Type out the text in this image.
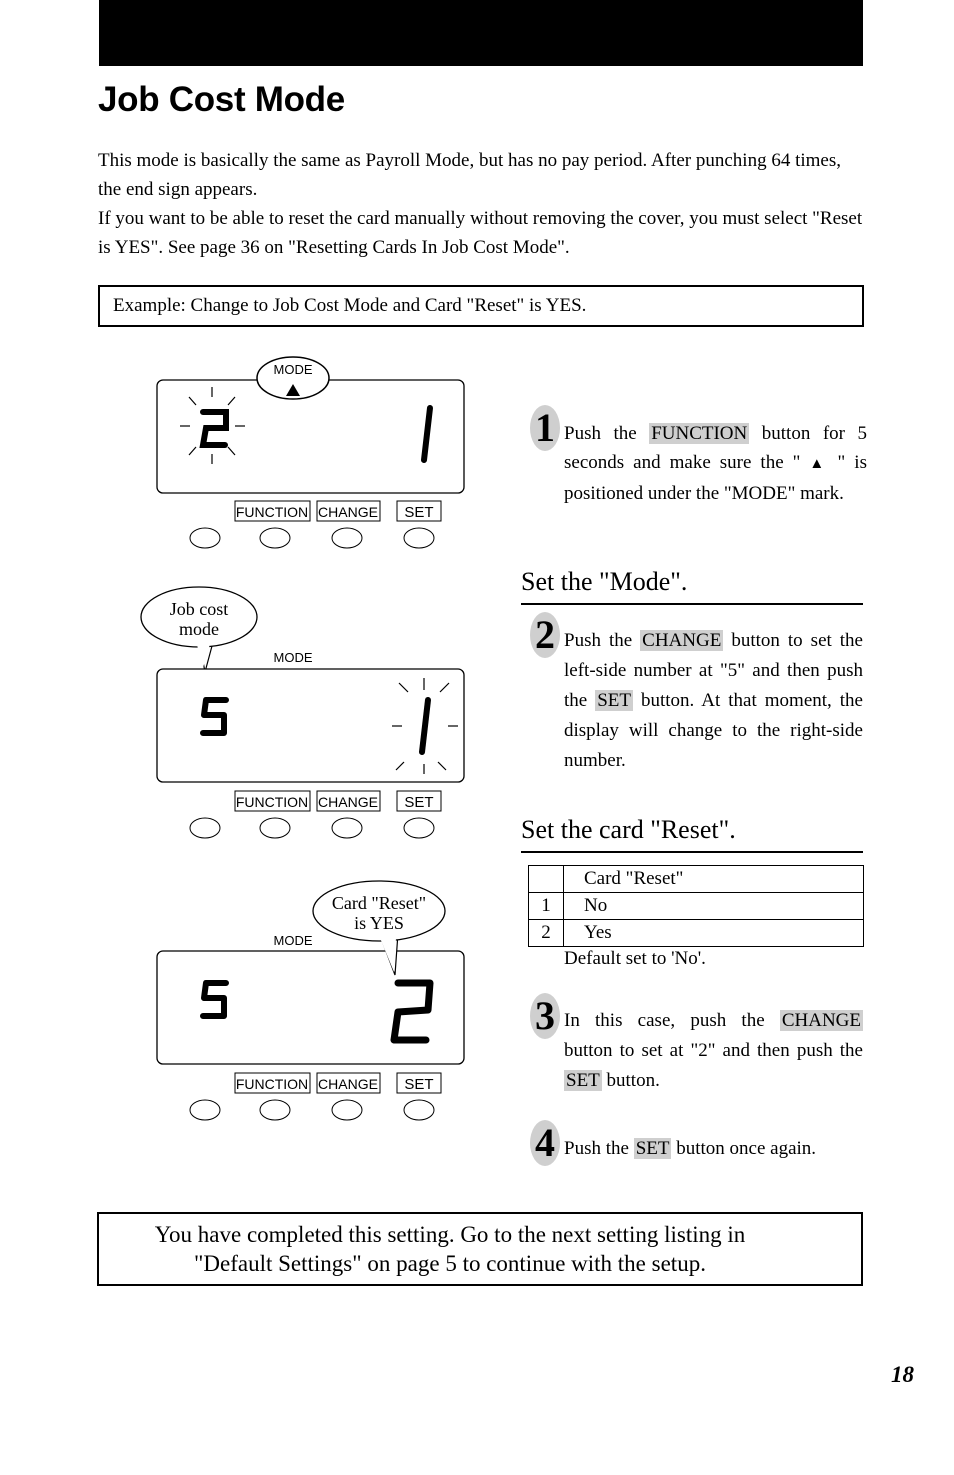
Job Cost Mode

This mode is basically the same as Payroll Mode, but has no pay period. After punching 64 times, the end sign appears.

If you want to be able to reset the card manually without removing the cover, you must select "Reset is YES". See page 36 on "Resetting Cards In Job Cost Mode".

Example: Change to Job Cost Mode and Card "Reset" is YES.
MODE
FUNCTION CHANGE SET
Job cost
mode
MODE
FUNCTION CHANGE SET
MODE
Card "Reset"
is YES
FUNCTION CHANGE SET
1 Push the FUNCTION button for 5 seconds and make sure the " ▲ " is positioned under the "MODE" mark.
Set the "Mode".
2 Push the CHANGE button to set the left-side number at "5" and then push the SET button. At that moment, the display will change to the right-side number.
Set the card "Reset".
	Card "Reset"
1	No
2	Yes
Default set to 'No'.
3 In this case, push the CHANGE button to set at "2" and then push the SET button.
4 Push the SET button once again.
You have completed this setting. Go to the next setting listing in
"Default Settings" on page 5 to continue with the setup.
18
